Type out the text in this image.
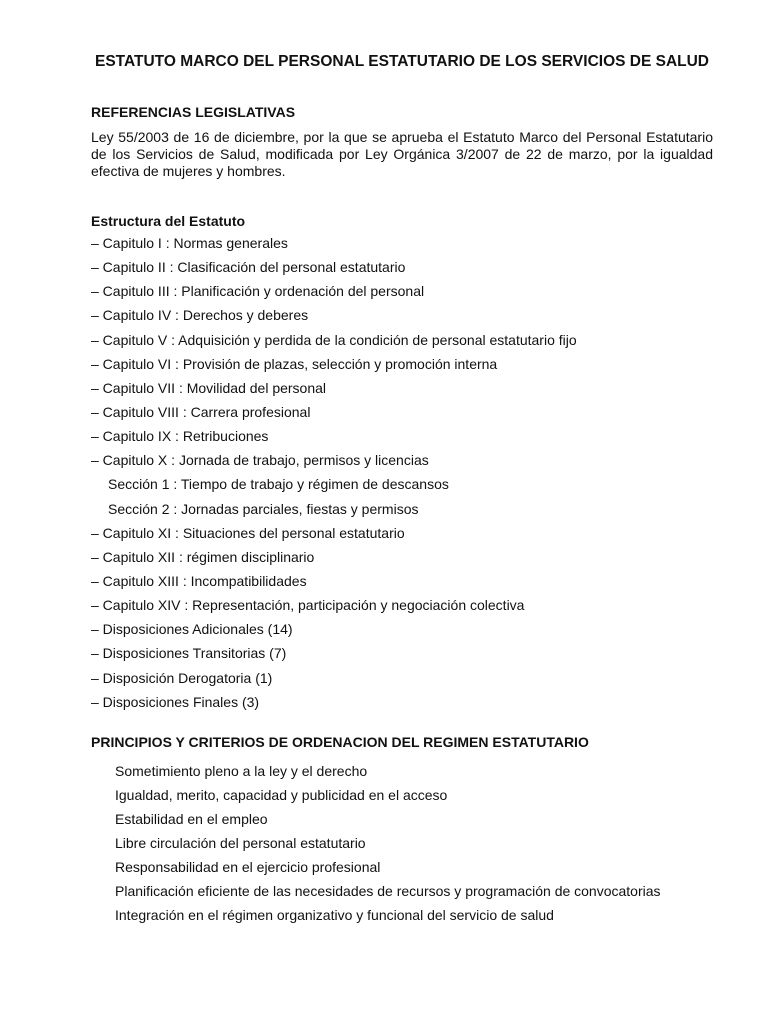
ESTATUTO MARCO DEL PERSONAL ESTATUTARIO DE LOS SERVICIOS DE SALUD
REFERENCIAS LEGISLATIVAS

Ley 55/2003 de 16 de diciembre, por la que se aprueba el Estatuto Marco del Personal Estatutario de los Servicios de Salud, modificada por Ley Orgánica 3/2007 de 22 de marzo, por la igualdad efectiva de mujeres y hombres.

Estructura del Estatuto
– Capitulo I : Normas generales
– Capitulo II : Clasificación del personal estatutario
– Capitulo III : Planificación y ordenación del personal
– Capitulo IV : Derechos y deberes
– Capitulo V : Adquisición y perdida de la condición de personal estatutario fijo
– Capitulo VI : Provisión de plazas, selección y promoción interna
– Capitulo VII : Movilidad del personal
– Capitulo VIII : Carrera profesional
– Capitulo IX : Retribuciones
– Capitulo X : Jornada de trabajo, permisos y licencias
Sección 1 : Tiempo de trabajo y régimen de descansos
Sección 2 : Jornadas parciales, fiestas y permisos
– Capitulo XI : Situaciones del personal estatutario
– Capitulo XII : régimen disciplinario
– Capitulo XIII : Incompatibilidades
– Capitulo XIV : Representación, participación y negociación colectiva
– Disposiciones Adicionales (14)
– Disposiciones Transitorias (7)
– Disposición Derogatoria (1)
– Disposiciones Finales (3)
PRINCIPIOS Y CRITERIOS DE ORDENACION DEL REGIMEN ESTATUTARIO
Sometimiento pleno a la ley y el derecho
Igualdad, merito, capacidad y publicidad en el acceso
Estabilidad en el empleo
Libre circulación del personal estatutario
Responsabilidad en el ejercicio profesional
Planificación eficiente de las necesidades de recursos y programación de convocatorias
Integración en el régimen organizativo y funcional del servicio de salud
